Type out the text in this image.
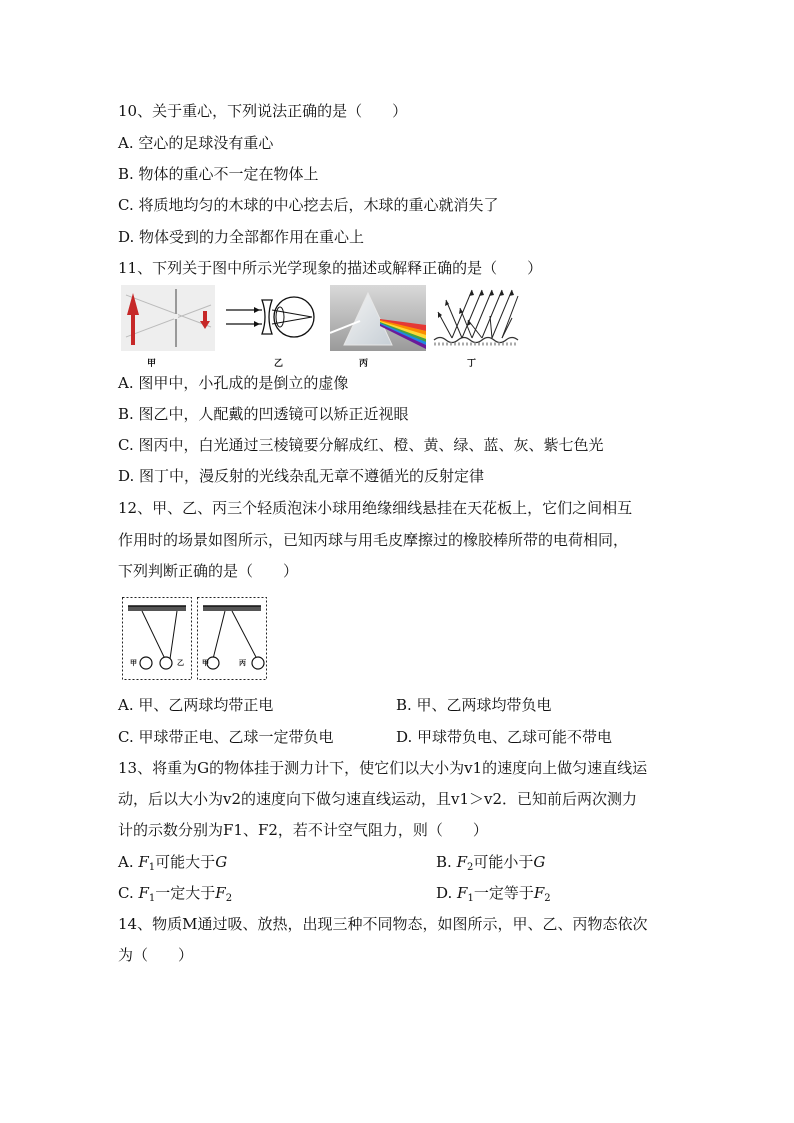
10、关于重心，下列说法正确的是（　　）
A. 空心的足球没有重心
B. 物体的重心不一定在物体上
C. 将质地均匀的木球的中心挖去后，木球的重心就消失了
D. 物体受到的力全部都作用在重心上
11、下列关于图中所示光学现象的描述或解释正确的是（　　）
甲	乙	丙	丁
A. 图甲中，小孔成的是倒立的虚像
B. 图乙中，人配戴的凹透镜可以矫正近视眼
C. 图丙中，白光通过三棱镜要分解成红、橙、黄、绿、蓝、灰、紫七色光
D. 图丁中，漫反射的光线杂乱无章不遵循光的反射定律
12、甲、乙、丙三个轻质泡沫小球用绝缘细线悬挂在天花板上，它们之间相互
作用时的场景如图所示，已知丙球与用毛皮摩擦过的橡胶棒所带的电荷相同，
下列判断正确的是（　　）
甲	乙	甲	丙
A. 甲、乙两球均带正电	B. 甲、乙两球均带负电
C. 甲球带正电、乙球一定带负电	D. 甲球带负电、乙球可能不带电
13、将重为G的物体挂于测力计下，使它们以大小为v1的速度向上做匀速直线运
动，后以大小为v2的速度向下做匀速直线运动，且v1＞v2．已知前后两次测力
计的示数分别为F1、F2，若不计空气阻力，则（　　）
A. $F_1$可能大于G	B. $F_2$可能小于G
C. $F_1$一定大于$F_2$	D. $F_1$一定等于$F_2$
14、物质M通过吸、放热，出现三种不同物态，如图所示，甲、乙、丙物态依次
为（　　）
